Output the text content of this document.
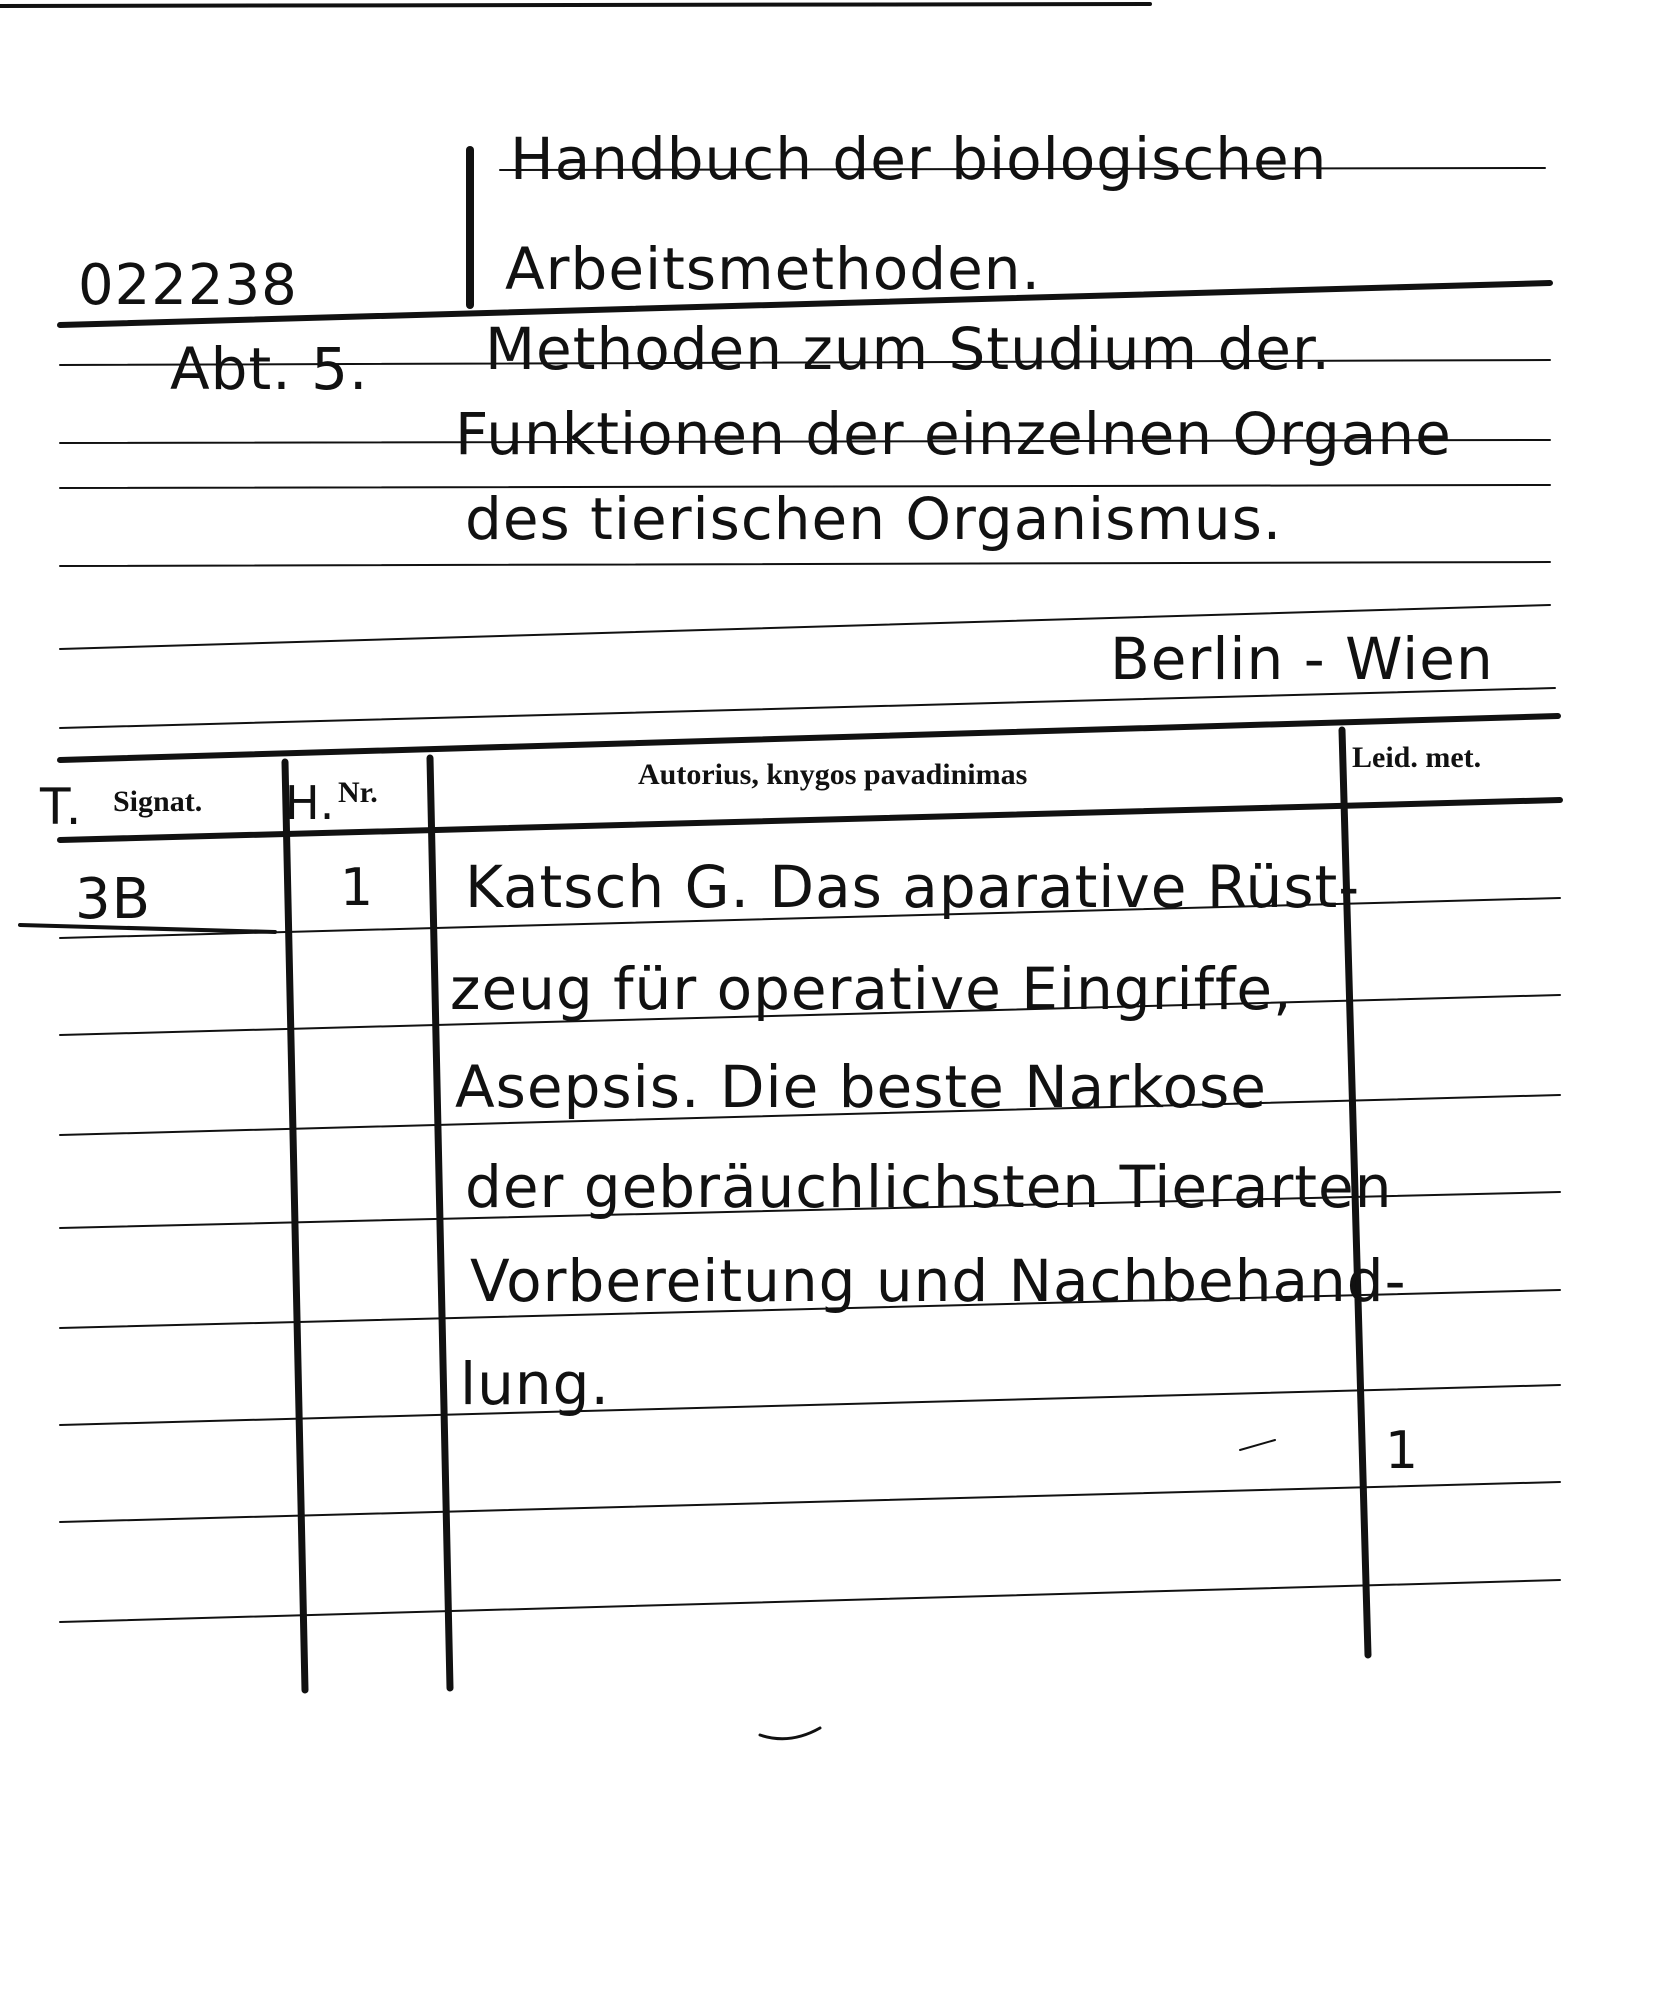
022238
Handbuch der biologischen
Arbeitsmethoden.
Abt. 5. Methoden zum Studium der.
Funktionen der einzelnen Organe
des tierischen Organismus.
Berlin - Wien
T. Signat. H. Nr.
Autorius, knygos pavadinimas
Leid. met.
3B	1 Katsch G. Das aparative Rüst-
zeug für operative Eingriffe,
Asepsis. Die beste Narkose
der gebräuchlichsten Tierarten
Vorbereitung und Nachbehand-
lung.
1
